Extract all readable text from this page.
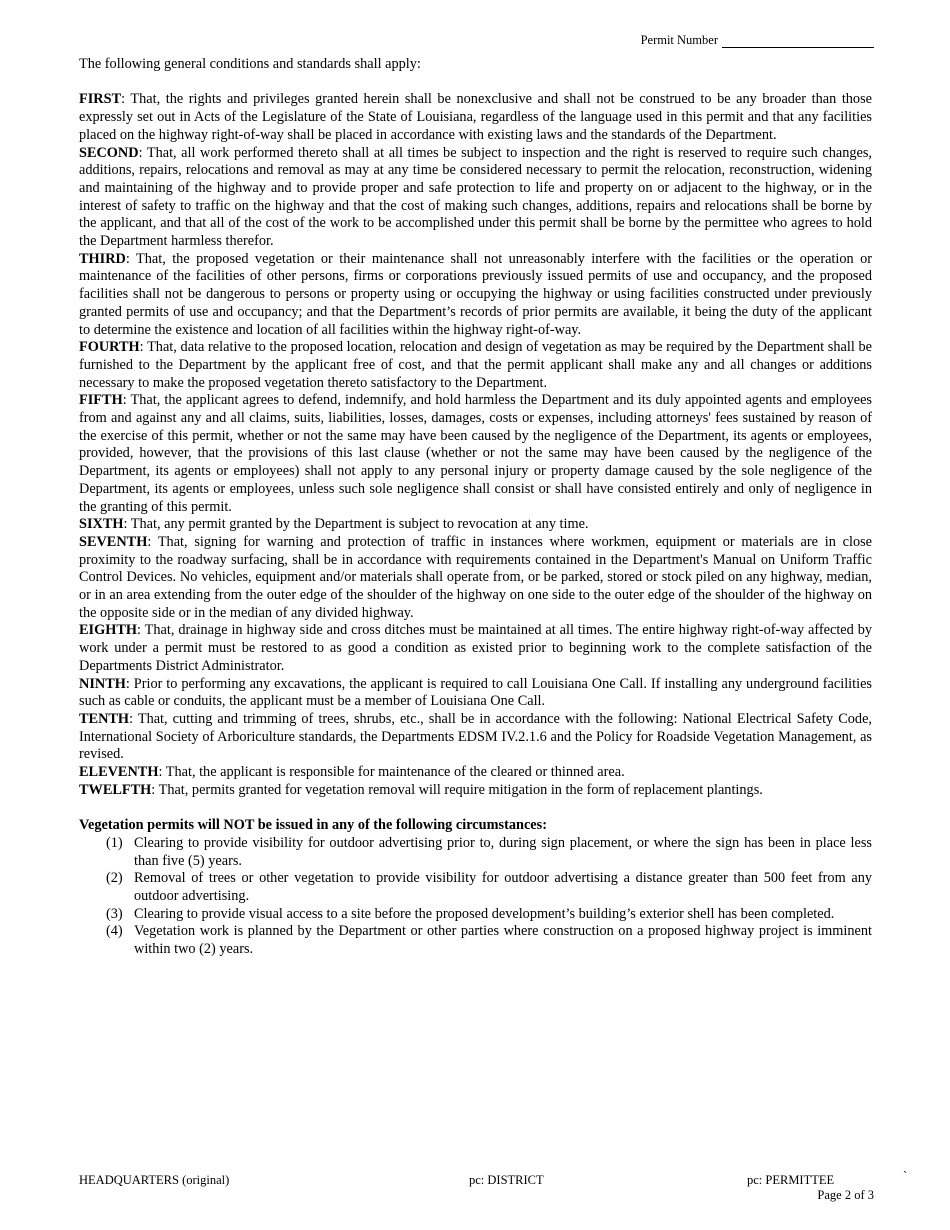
Permit Number

The following general conditions and standards shall apply:

FIRST: That, the rights and privileges granted herein shall be nonexclusive and shall not be construed to be any broader than those expressly set out in Acts of the Legislature of the State of Louisiana, regardless of the language used in this permit and that any facilities placed on the highway right-of-way shall be placed in accordance with existing laws and the standards of the Department.

SECOND: That, all work performed thereto shall at all times be subject to inspection and the right is reserved to require such changes, additions, repairs, relocations and removal as may at any time be considered necessary to permit the relocation, reconstruction, widening and maintaining of the highway and to provide proper and safe protection to life and property on or adjacent to the highway, or in the interest of safety to traffic on the highway and that the cost of making such changes, additions, repairs and relocations shall be borne by the applicant, and that all of the cost of the work to be accomplished under this permit shall be borne by the permittee who agrees to hold the Department harmless therefor.

THIRD: That, the proposed vegetation or their maintenance shall not unreasonably interfere with the facilities or the operation or maintenance of the facilities of other persons, firms or corporations previously issued permits of use and occupancy, and the proposed facilities shall not be dangerous to persons or property using or occupying the highway or using facilities constructed under previously granted permits of use and occupancy; and that the Department’s records of prior permits are available, it being the duty of the applicant to determine the existence and location of all facilities within the highway right-of-way.

FOURTH: That, data relative to the proposed location, relocation and design of vegetation as may be required by the Department shall be furnished to the Department by the applicant free of cost, and that the permit applicant shall make any and all changes or additions necessary to make the proposed vegetation thereto satisfactory to the Department.

FIFTH: That, the applicant agrees to defend, indemnify, and hold harmless the Department and its duly appointed agents and employees from and against any and all claims, suits, liabilities, losses, damages, costs or expenses, including attorneys' fees sustained by reason of the exercise of this permit, whether or not the same may have been caused by the negligence of the Department, its agents or employees, provided, however, that the provisions of this last clause (whether or not the same may have been caused by the negligence of the Department, its agents or employees) shall not apply to any personal injury or property damage caused by the sole negligence of the Department, its agents or employees, unless such sole negligence shall consist or shall have consisted entirely and only of negligence in the granting of this permit.

SIXTH: That, any permit granted by the Department is subject to revocation at any time.

SEVENTH: That, signing for warning and protection of traffic in instances where workmen, equipment or materials are in close proximity to the roadway surfacing, shall be in accordance with requirements contained in the Department's Manual on Uniform Traffic Control Devices. No vehicles, equipment and/or materials shall operate from, or be parked, stored or stock piled on any highway, median, or in an area extending from the outer edge of the shoulder of the highway on one side to the outer edge of the shoulder of the highway on the opposite side or in the median of any divided highway.

EIGHTH: That, drainage in highway side and cross ditches must be maintained at all times. The entire highway right-of-way affected by work under a permit must be restored to as good a condition as existed prior to beginning work to the complete satisfaction of the Departments District Administrator.

NINTH: Prior to performing any excavations, the applicant is required to call Louisiana One Call. If installing any underground facilities such as cable or conduits, the applicant must be a member of Louisiana One Call.

TENTH: That, cutting and trimming of trees, shrubs, etc., shall be in accordance with the following: National Electrical Safety Code, International Society of Arboriculture standards, the Departments EDSM IV.2.1.6 and the Policy for Roadside Vegetation Management, as revised.

ELEVENTH: That, the applicant is responsible for maintenance of the cleared or thinned area.

TWELFTH: That, permits granted for vegetation removal will require mitigation in the form of replacement plantings.

Vegetation permits will NOT be issued in any of the following circumstances:

(1) Clearing to provide visibility for outdoor advertising prior to, during sign placement, or where the sign has been in place less than five (5) years.
(2) Removal of trees or other vegetation to provide visibility for outdoor advertising a distance greater than 500 feet from any outdoor advertising.
(3) Clearing to provide visual access to a site before the proposed development’s building’s exterior shell has been completed.
(4) Vegetation work is planned by the Department or other parties where construction on a proposed highway project is imminent within two (2) years.
HEADQUARTERS (original)	pc: DISTRICT	pc: PERMITTEE	`
Page 2 of 3
